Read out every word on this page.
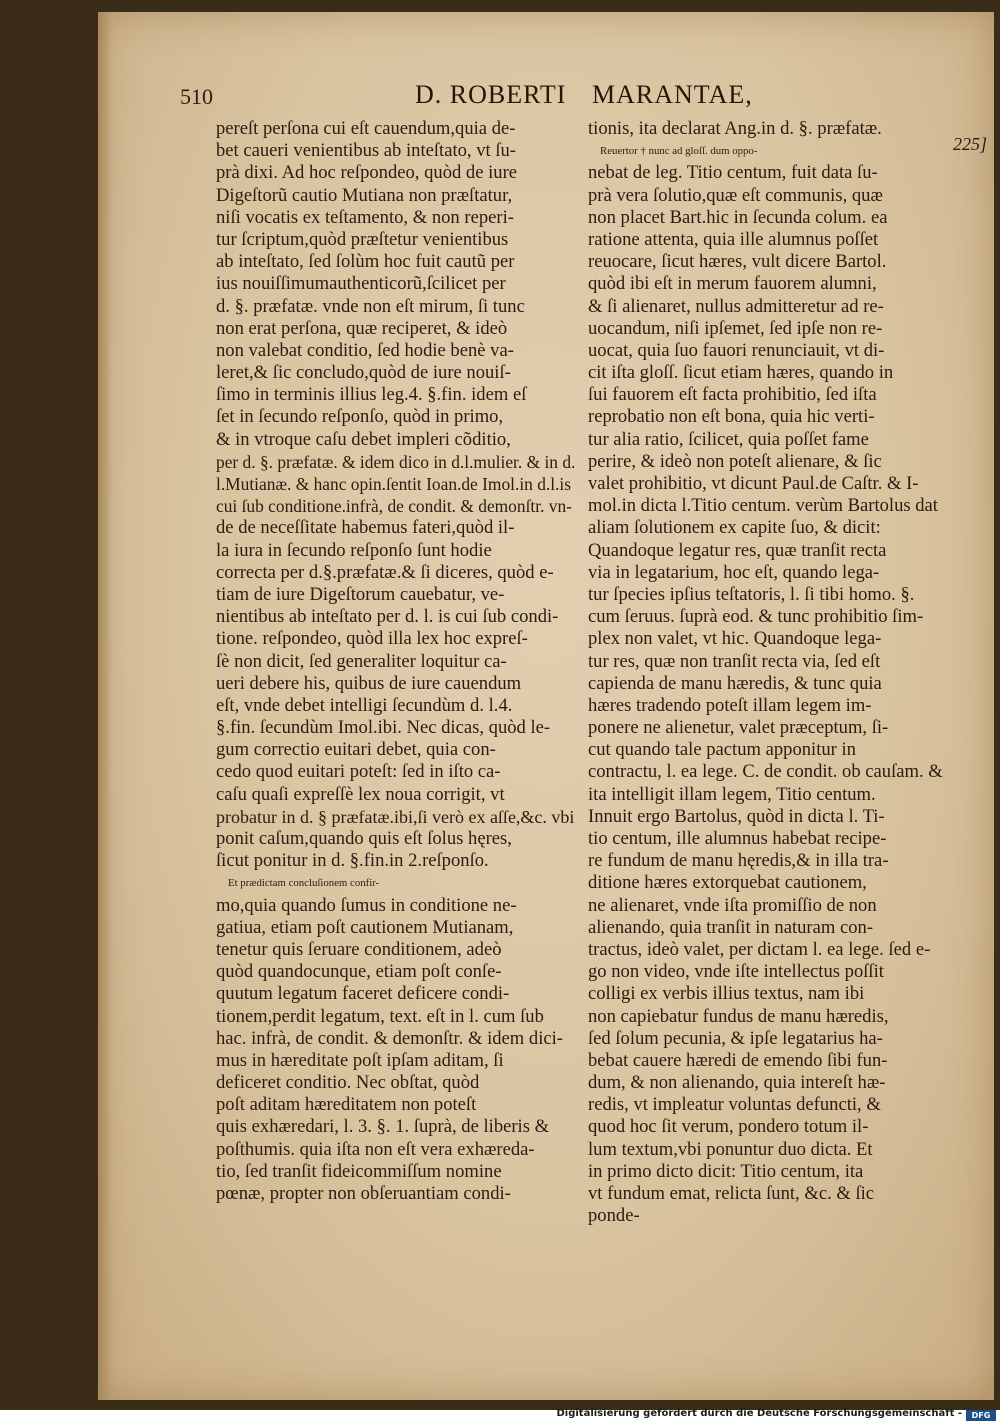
510	D. ROBERTI MARANTAE,
225]
pereſt perſona cui eſt cauendum,quia de-
bet caueri venientibus ab inteſtato, vt ſu-
prà dixi. Ad hoc reſpondeo, quòd de iure
Digeſtorũ cautio Mutiana non præſtatur,
niſi vocatis ex teſtamento, & non reperi-
tur ſcriptum,quòd præſtetur venientibus
ab inteſtato, ſed ſolùm hoc fuit cautũ per
ius nouiſſimumauthenticorũ,ſcilicet per
d. §. præfatæ. vnde non eſt mirum, ſi tunc
non erat perſona, quæ reciperet, & ideò
non valebat conditio, ſed hodie benè va-
leret,& ſic concludo,quòd de iure nouiſ-
ſimo in terminis illius leg.4. §.fin. idem eſ
ſet in ſecundo reſponſo, quòd in primo,
& in vtroque caſu debet impleri cõditio,
per d. §. præfatæ. & idem dico in d.l.mulier. & in d.
l.Mutianæ. & hanc opin.ſentit Ioan.de Imol.in d.l.is
cui ſub conditione.infrà, de condit. & demonſtr. vn-
de de neceſſitate habemus fateri,quòd il-
la iura in ſecundo reſponſo ſunt hodie
correcta per d.§.præfatæ.& ſi diceres, quòd e-
tiam de iure Digeſtorum cauebatur, ve-
nientibus ab inteſtato per d. l. is cui ſub condi-
tione. reſpondeo, quòd illa lex hoc expreſ-
ſè non dicit, ſed generaliter loquitur ca-
ueri debere his, quibus de iure cauendum
eſt, vnde debet intelligi ſecundùm d. l.4.
§.fin. ſecundùm Imol.ibi. Nec dicas, quòd le-
gum correctio euitari debet, quia con-
cedo quod euitari poteſt: ſed in iſto ca-
caſu quaſi expreſſè lex noua corrigit, vt
probatur in d. § præfatæ.ibi,ſi verò ex aſſe,&c. vbi
ponit caſum,quando quis eſt ſolus hęres,
ſicut ponitur in d. §.fin.in 2.reſponſo.
Et prædictam concluſionem confir-
mo,quia quando ſumus in conditione ne-
gatiua, etiam poſt cautionem Mutianam,
tenetur quis ſeruare conditionem, adeò
quòd quandocunque, etiam poſt conſe-
quutum legatum faceret deficere condi-
tionem,perdit legatum, text. eſt in l. cum ſub
hac. infrà, de condit. & demonſtr. & idem dici-
mus in hæreditate poſt ipſam aditam, ſi
deficeret conditio. Nec obſtat, quòd
poſt aditam hæreditatem non poteſt
quis exhæredari, l. 3. §. 1. ſuprà, de liberis &
poſthumis. quia iſta non eſt vera exhæreda-
tio, ſed tranſit fideicommiſſum nomine
pœnæ, propter non obſeruantiam condi-
tionis, ita declarat Ang.in d. §. præfatæ.
Reuertor † nunc ad gloſſ. dum oppo-
nebat de leg. Titio centum, fuit data ſu-
prà vera ſolutio,quæ eſt communis, quæ
non placet Bart.hic in ſecunda colum. ea
ratione attenta, quia ille alumnus poſſet
reuocare, ſicut hæres, vult dicere Bartol.
quòd ibi eſt in merum fauorem alumni,
& ſi alienaret, nullus admitteretur ad re-
uocandum, niſi ipſemet, ſed ipſe non re-
uocat, quia ſuo fauori renunciauit, vt di-
cit iſta gloſſ. ſicut etiam hæres, quando in
ſui fauorem eſt facta prohibitio, ſed iſta
reprobatio non eſt bona, quia hic verti-
tur alia ratio, ſcilicet, quia poſſet fame
perire, & ideò non poteſt alienare, & ſic
valet prohibitio, vt dicunt Paul.de Caſtr. & I-
mol.in dicta l.Titio centum. verùm Bartolus dat
aliam ſolutionem ex capite ſuo, & dicit:
Quandoque legatur res, quæ tranſit recta
via in legatarium, hoc eſt, quando lega-
tur ſpecies ipſius teſtatoris, l. ſi tibi homo. §.
cum ſeruus. ſuprà eod. & tunc prohibitio ſim-
plex non valet, vt hic. Quandoque lega-
tur res, quæ non tranſit recta via, ſed eſt
capienda de manu hæredis, & tunc quia
hæres tradendo poteſt illam legem im-
ponere ne alienetur, valet præceptum, ſi-
cut quando tale pactum apponitur in
contractu, l. ea lege. C. de condit. ob cauſam. &
ita intelligit illam legem, Titio centum.
Innuit ergo Bartolus, quòd in dicta l. Ti-
tio centum, ille alumnus habebat recipe-
re fundum de manu hęredis,& in illa tra-
ditione hæres extorquebat cautionem,
ne alienaret, vnde iſta promiſſio de non
alienando, quia tranſit in naturam con-
tractus, ideò valet, per dictam l. ea lege. ſed e-
go non video, vnde iſte intellectus poſſit
colligi ex verbis illius textus, nam ibi
non capiebatur fundus de manu hæredis,
ſed ſolum pecunia, & ipſe legatarius ha-
bebat cauere hæredi de emendo ſibi fun-
dum, & non alienando, quia intereſt hæ-
redis, vt impleatur voluntas defuncti, &
quod hoc ſit verum, pondero totum il-
lum textum,vbi ponuntur duo dicta. Et
in primo dicto dicit: Titio centum, ita
vt fundum emat, relicta ſunt, &c. & ſic
ponde-
Digitalisierung gefördert durch die Deutsche Forschungsgemeinschaft -	DFG
